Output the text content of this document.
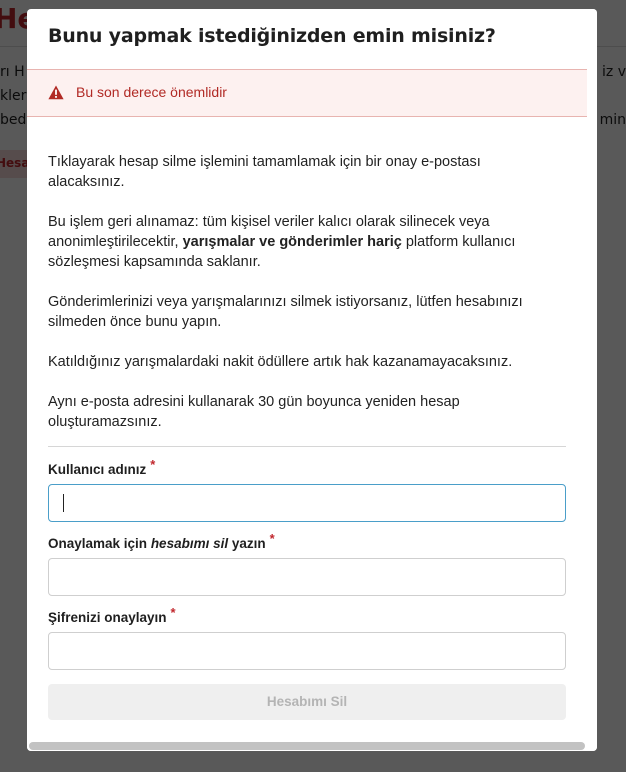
Bunu yapmak istediğinizden emin misiniz?
Bu son derece önemlidir
Tıklayarak hesap silme işlemini tamamlamak için bir onay e-postası alacaksınız.
Bu işlem geri alınamaz: tüm kişisel veriler kalıcı olarak silinecek veya anonimleştirilecektir, yarışmalar ve gönderimler hariç platform kullanıcı sözleşmesi kapsamında saklanır.
Gönderimlerinizi veya yarışmalarınızı silmek istiyorsanız, lütfen hesabınızı silmeden önce bunu yapın.
Katıldığınız yarışmalardaki nakit ödüllere artık hak kazanamayacaksınız.
Aynı e-posta adresini kullanarak 30 gün boyunca yeniden hesap oluşturamazsınız.
Kullanıcı adınız *
Onaylamak için hesabımı sil yazın *
Şifrenizi onaylayın *
Hesabımı Sil
